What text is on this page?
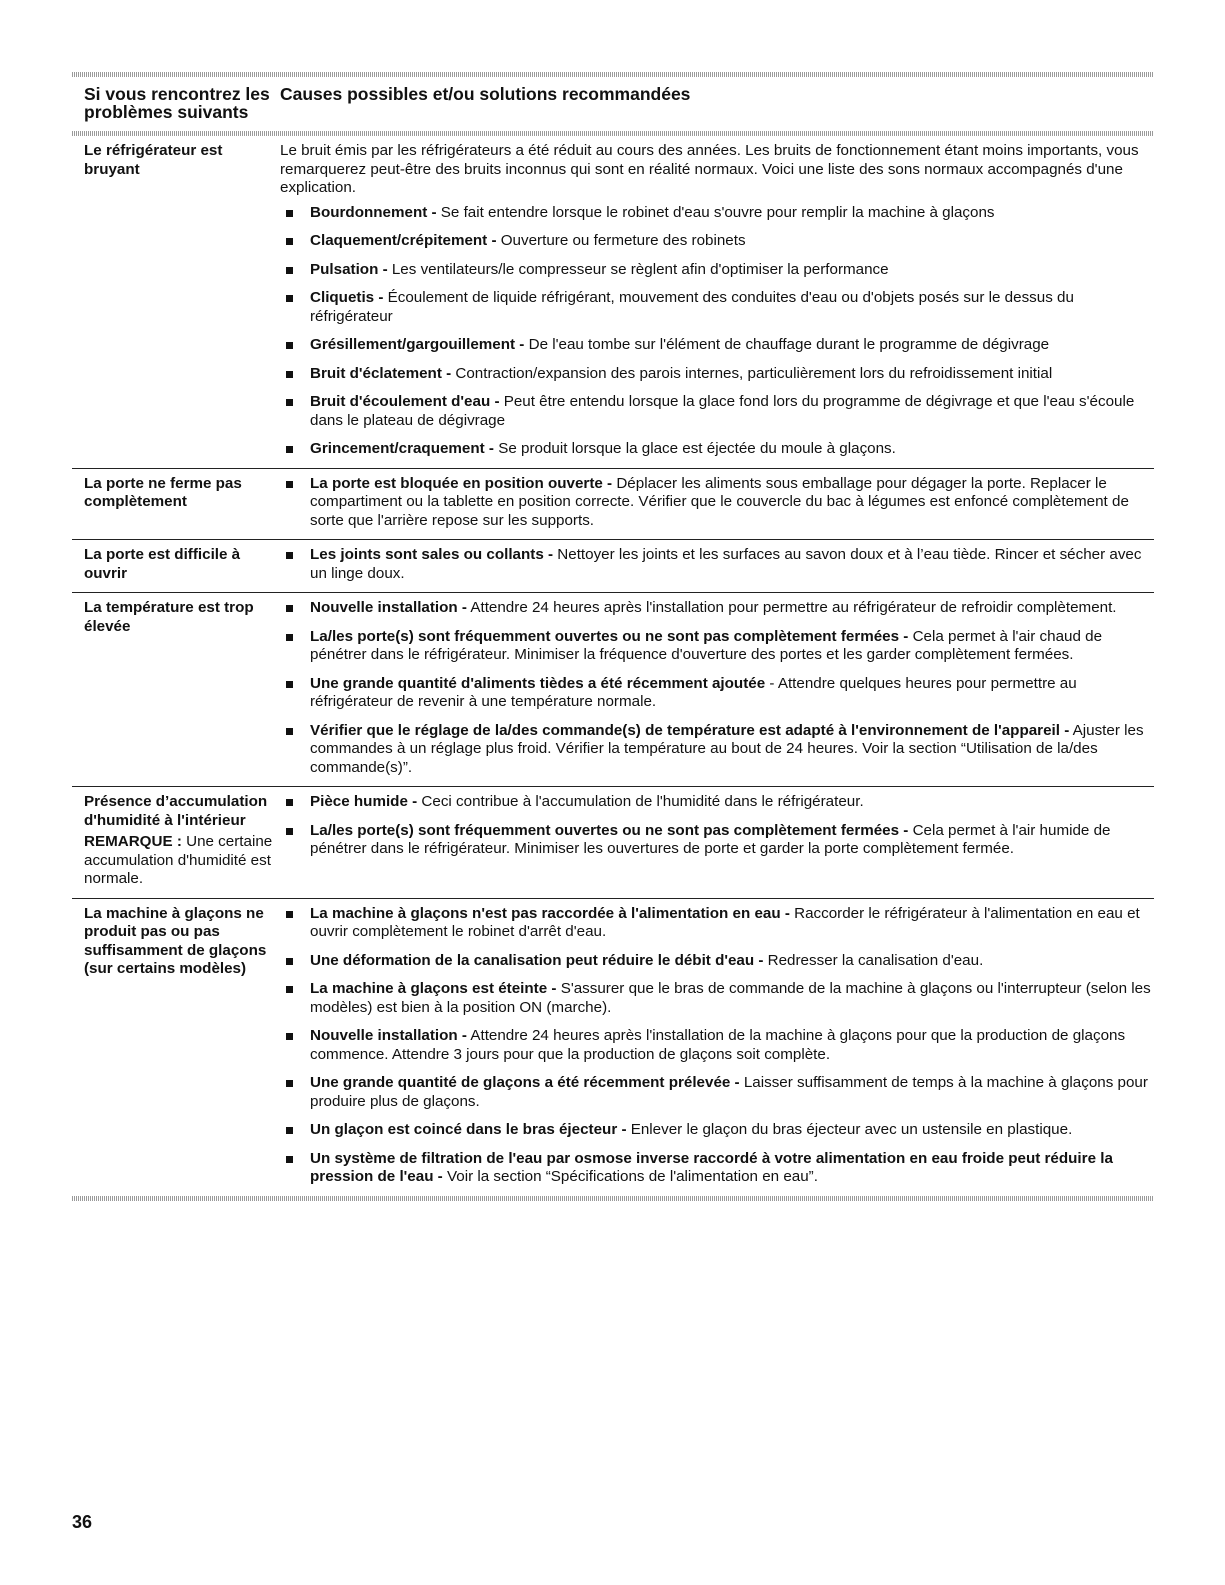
Si vous rencontrez les problèmes suivants
Causes possibles et/ou solutions recommandées
Le réfrigérateur est bruyant
Le bruit émis par les réfrigérateurs a été réduit au cours des années. Les bruits de fonctionnement étant moins importants, vous remarquerez peut-être des bruits inconnus qui sont en réalité normaux. Voici une liste des sons normaux accompagnés d'une explication.
Bourdonnement - Se fait entendre lorsque le robinet d'eau s'ouvre pour remplir la machine à glaçons
Claquement/crépitement - Ouverture ou fermeture des robinets
Pulsation - Les ventilateurs/le compresseur se règlent afin d'optimiser la performance
Cliquetis - Écoulement de liquide réfrigérant, mouvement des conduites d'eau ou d'objets posés sur le dessus du réfrigérateur
Grésillement/gargouillement - De l'eau tombe sur l'élément de chauffage durant le programme de dégivrage
Bruit d'éclatement - Contraction/expansion des parois internes, particulièrement lors du refroidissement initial
Bruit d'écoulement d'eau - Peut être entendu lorsque la glace fond lors du programme de dégivrage et que l'eau s'écoule dans le plateau de dégivrage
Grincement/craquement - Se produit lorsque la glace est éjectée du moule à glaçons.
La porte ne ferme pas complètement
La porte est bloquée en position ouverte - Déplacer les aliments sous emballage pour dégager la porte. Replacer le compartiment ou la tablette en position correcte. Vérifier que le couvercle du bac à légumes est enfoncé complètement de sorte que l'arrière repose sur les supports.
La porte est difficile à ouvrir
Les joints sont sales ou collants - Nettoyer les joints et les surfaces au savon doux et à l’eau tiède. Rincer et sécher avec un linge doux.
La température est trop élevée
Nouvelle installation - Attendre 24 heures après l'installation pour permettre au réfrigérateur de refroidir complètement.
La/les porte(s) sont fréquemment ouvertes ou ne sont pas complètement fermées - Cela permet à l'air chaud de pénétrer dans le réfrigérateur. Minimiser la fréquence d'ouverture des portes et les garder complètement fermées.
Une grande quantité d'aliments tièdes a été récemment ajoutée - Attendre quelques heures pour permettre au réfrigérateur de revenir à une température normale.
Vérifier que le réglage de la/des commande(s) de température est adapté à l'environnement de l'appareil - Ajuster les commandes à un réglage plus froid. Vérifier la température au bout de 24 heures. Voir la section “Utilisation de la/des commande(s)”.
Présence d’accumulation d'humidité à l'intérieur
REMARQUE : Une certaine accumulation d'humidité est normale.
Pièce humide - Ceci contribue à l'accumulation de l'humidité dans le réfrigérateur.
La/les porte(s) sont fréquemment ouvertes ou ne sont pas complètement fermées - Cela permet à l'air humide de pénétrer dans le réfrigérateur. Minimiser les ouvertures de porte et garder la porte complètement fermée.
La machine à glaçons ne produit pas ou pas suffisamment de glaçons (sur certains modèles)
La machine à glaçons n'est pas raccordée à l'alimentation en eau - Raccorder le réfrigérateur à l'alimentation en eau et ouvrir complètement le robinet d'arrêt d'eau.
Une déformation de la canalisation peut réduire le débit d'eau - Redresser la canalisation d'eau.
La machine à glaçons est éteinte - S'assurer que le bras de commande de la machine à glaçons ou l'interrupteur (selon les modèles) est bien à la position ON (marche).
Nouvelle installation - Attendre 24 heures après l'installation de la machine à glaçons pour que la production de glaçons commence. Attendre 3 jours pour que la production de glaçons soit complète.
Une grande quantité de glaçons a été récemment prélevée - Laisser suffisamment de temps à la machine à glaçons pour produire plus de glaçons.
Un glaçon est coincé dans le bras éjecteur - Enlever le glaçon du bras éjecteur avec un ustensile en plastique.
Un système de filtration de l'eau par osmose inverse raccordé à votre alimentation en eau froide peut réduire la pression de l'eau - Voir la section “Spécifications de l'alimentation en eau”.
36
